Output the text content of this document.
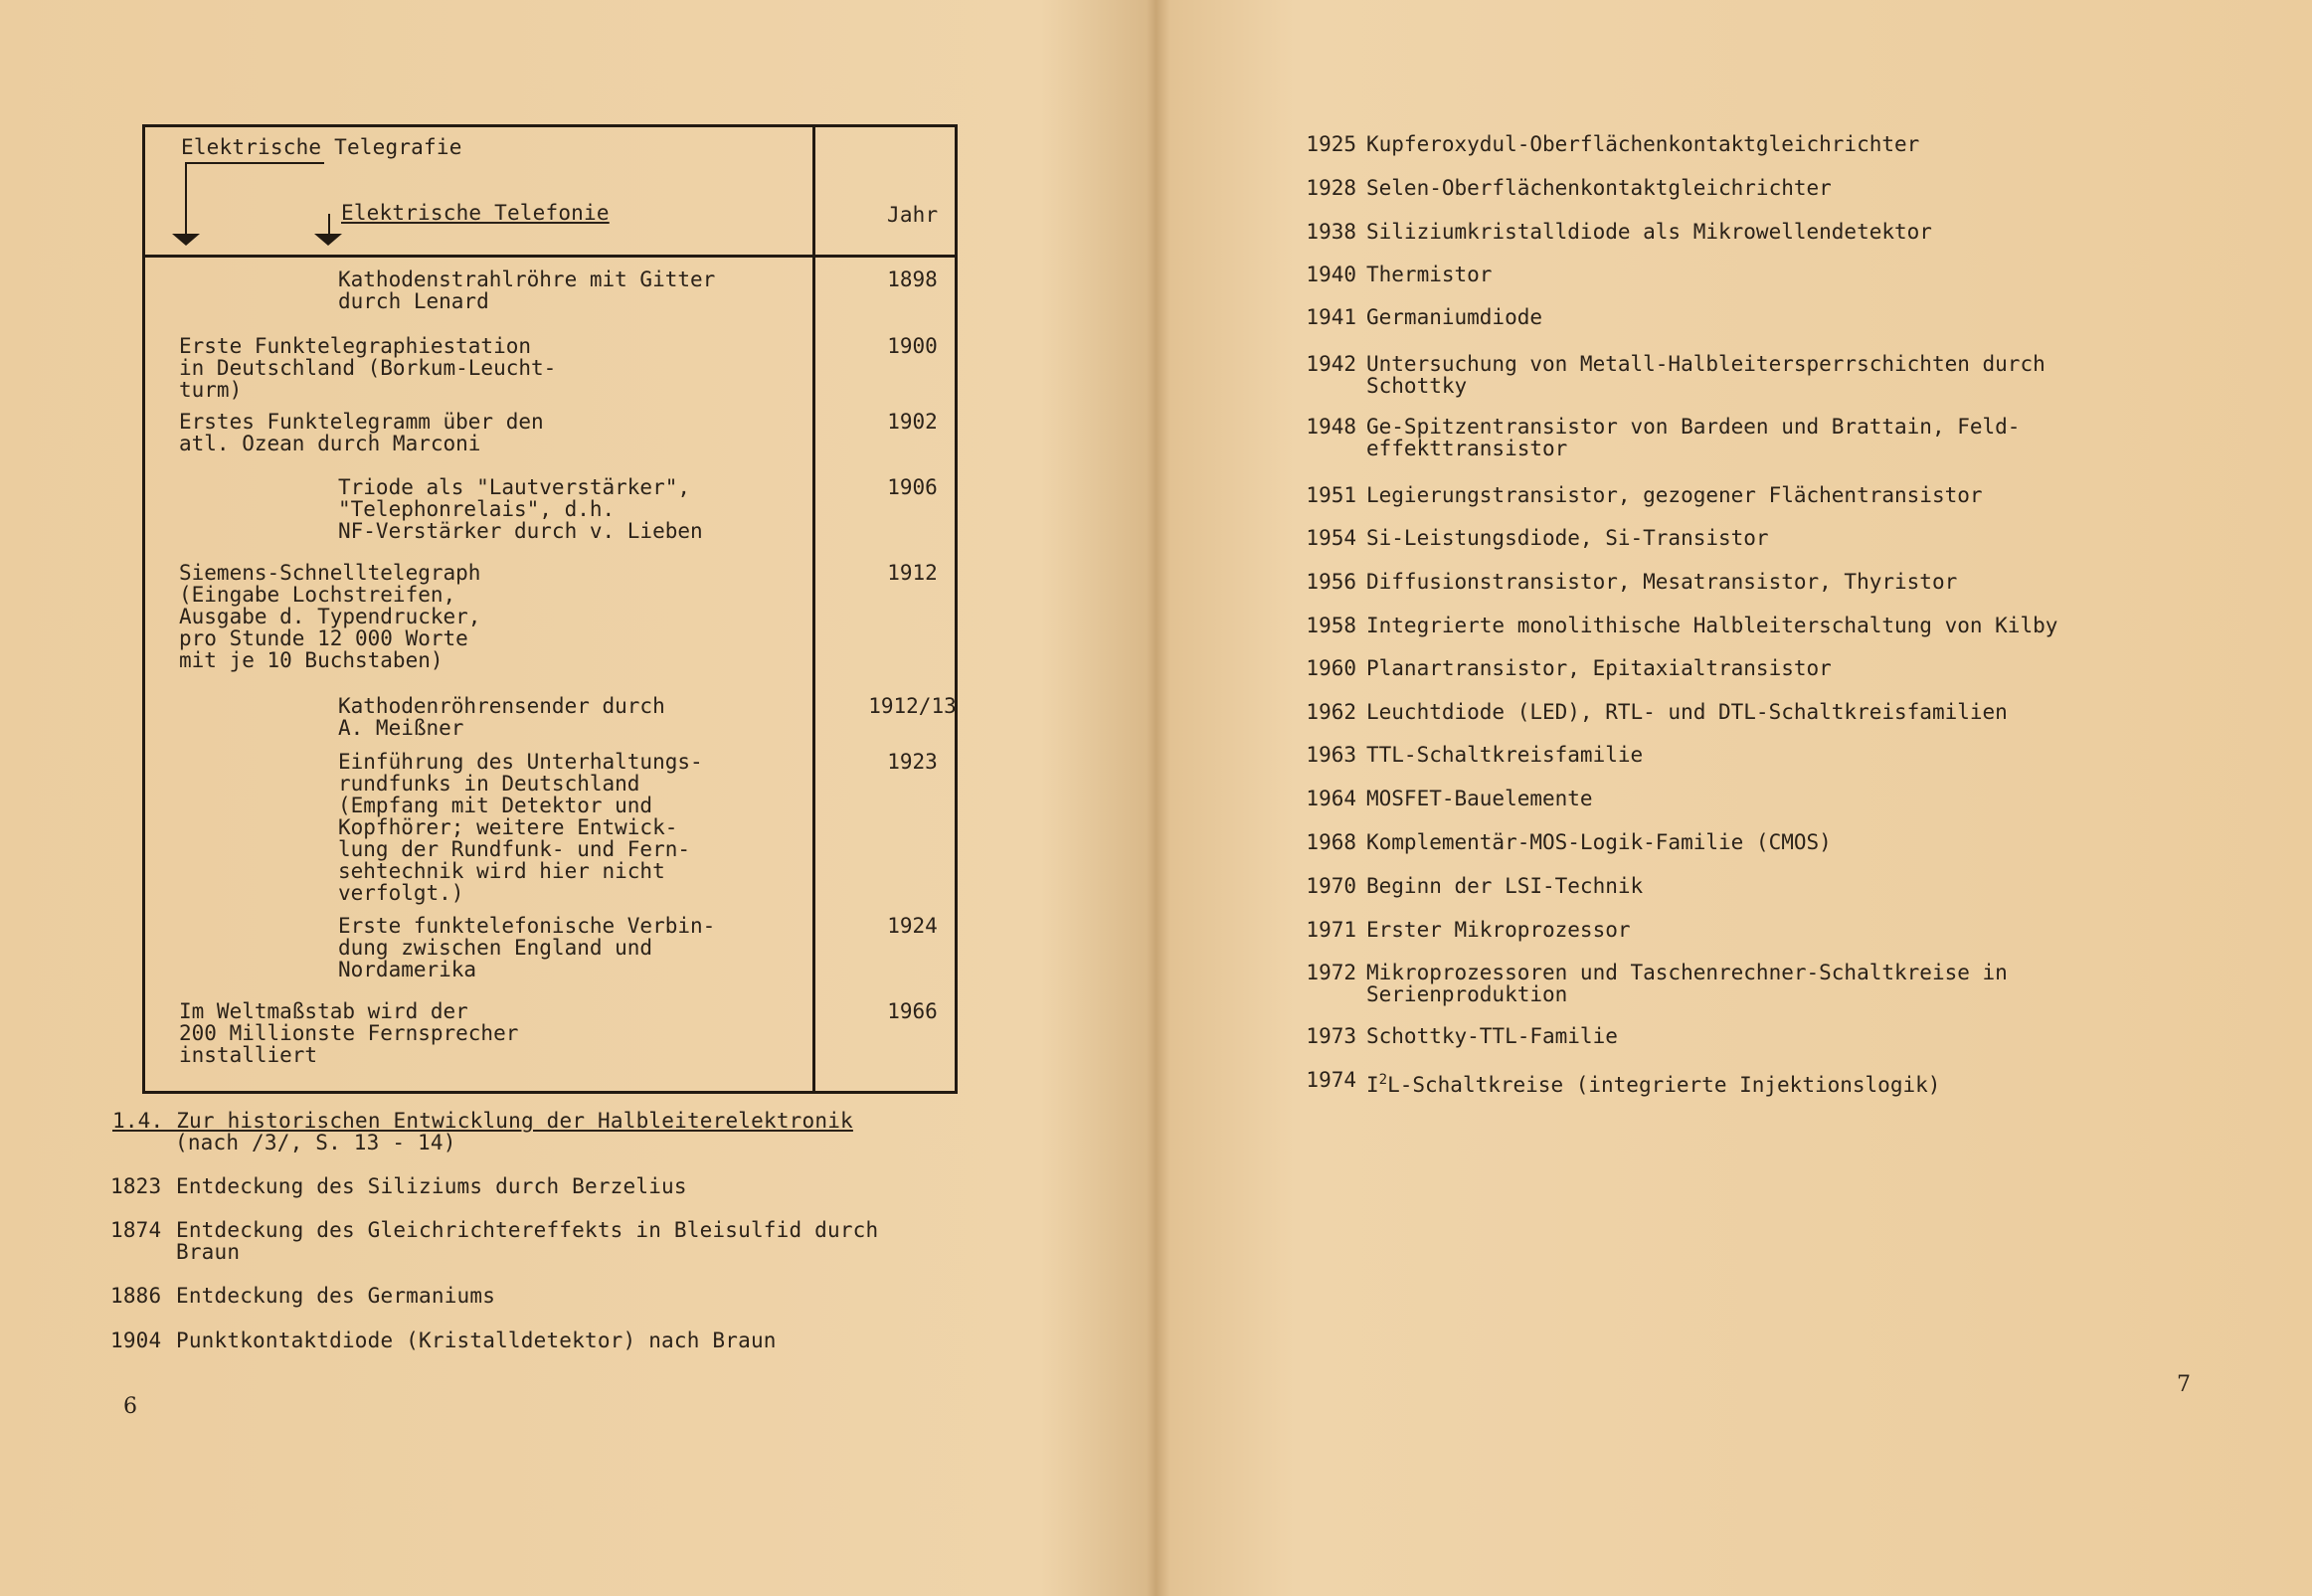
Elektrische Telegrafie
Elektrische Telefonie	Jahr
Kathodenstrahlröhre mit Gitter
durch Lenard
1898
Erste Funktelegraphiestation
in Deutschland (Borkum-Leucht-
turm)
1900
Erstes Funktelegramm über den
atl. Ozean durch Marconi
1902
Triode als "Lautverstärker",
"Telephonrelais", d.h.
NF-Verstärker durch v. Lieben
1906
Siemens-Schnelltelegraph
(Eingabe Lochstreifen,
Ausgabe d. Typendrucker,
pro Stunde 12 000 Worte
mit je 10 Buchstaben)
1912
Kathodenröhrensender durch
A. Meißner
1912/13
Einführung des Unterhaltungs-
rundfunks in Deutschland
(Empfang mit Detektor und
Kopfhörer; weitere Entwick-
lung der Rundfunk- und Fern-
sehtechnik wird hier nicht
verfolgt.)
1923
Erste funktelefonische Verbin-
dung zwischen England und
Nordamerika
1924
Im Weltmaßstab wird der
200 Millionste Fernsprecher
installiert
1966
1.4. Zur historischen Entwicklung der Halbleiterelektronik
(nach /3/, S. 13 - 14)
1823 Entdeckung des Siliziums durch Berzelius
1874 Entdeckung des Gleichrichtereffekts in Bleisulfid durch
Braun
1886 Entdeckung des Germaniums
1904 Punktkontaktdiode (Kristalldetektor) nach Braun
6
1925 Kupferoxydul-Oberflächenkontaktgleichrichter
1928 Selen-Oberflächenkontaktgleichrichter
1938 Siliziumkristalldiode als Mikrowellendetektor
1940 Thermistor
1941 Germaniumdiode
1942 Untersuchung von Metall-Halbleitersperrschichten durch
Schottky
1948 Ge-Spitzentransistor von Bardeen und Brattain, Feld-
effekttransistor
1951 Legierungstransistor, gezogener Flächentransistor
1954 Si-Leistungsdiode, Si-Transistor
1956 Diffusionstransistor, Mesatransistor, Thyristor
1958 Integrierte monolithische Halbleiterschaltung von Kilby
1960 Planartransistor, Epitaxialtransistor
1962 Leuchtdiode (LED), RTL- und DTL-Schaltkreisfamilien
1963 TTL-Schaltkreisfamilie
1964 MOSFET-Bauelemente
1968 Komplementär-MOS-Logik-Familie (CMOS)
1970 Beginn der LSI-Technik
1971 Erster Mikroprozessor
1972 Mikroprozessoren und Taschenrechner-Schaltkreise in
Serienproduktion
1973 Schottky-TTL-Familie
1974 $I^2L$-Schaltkreise (integrierte Injektionslogik)
7
